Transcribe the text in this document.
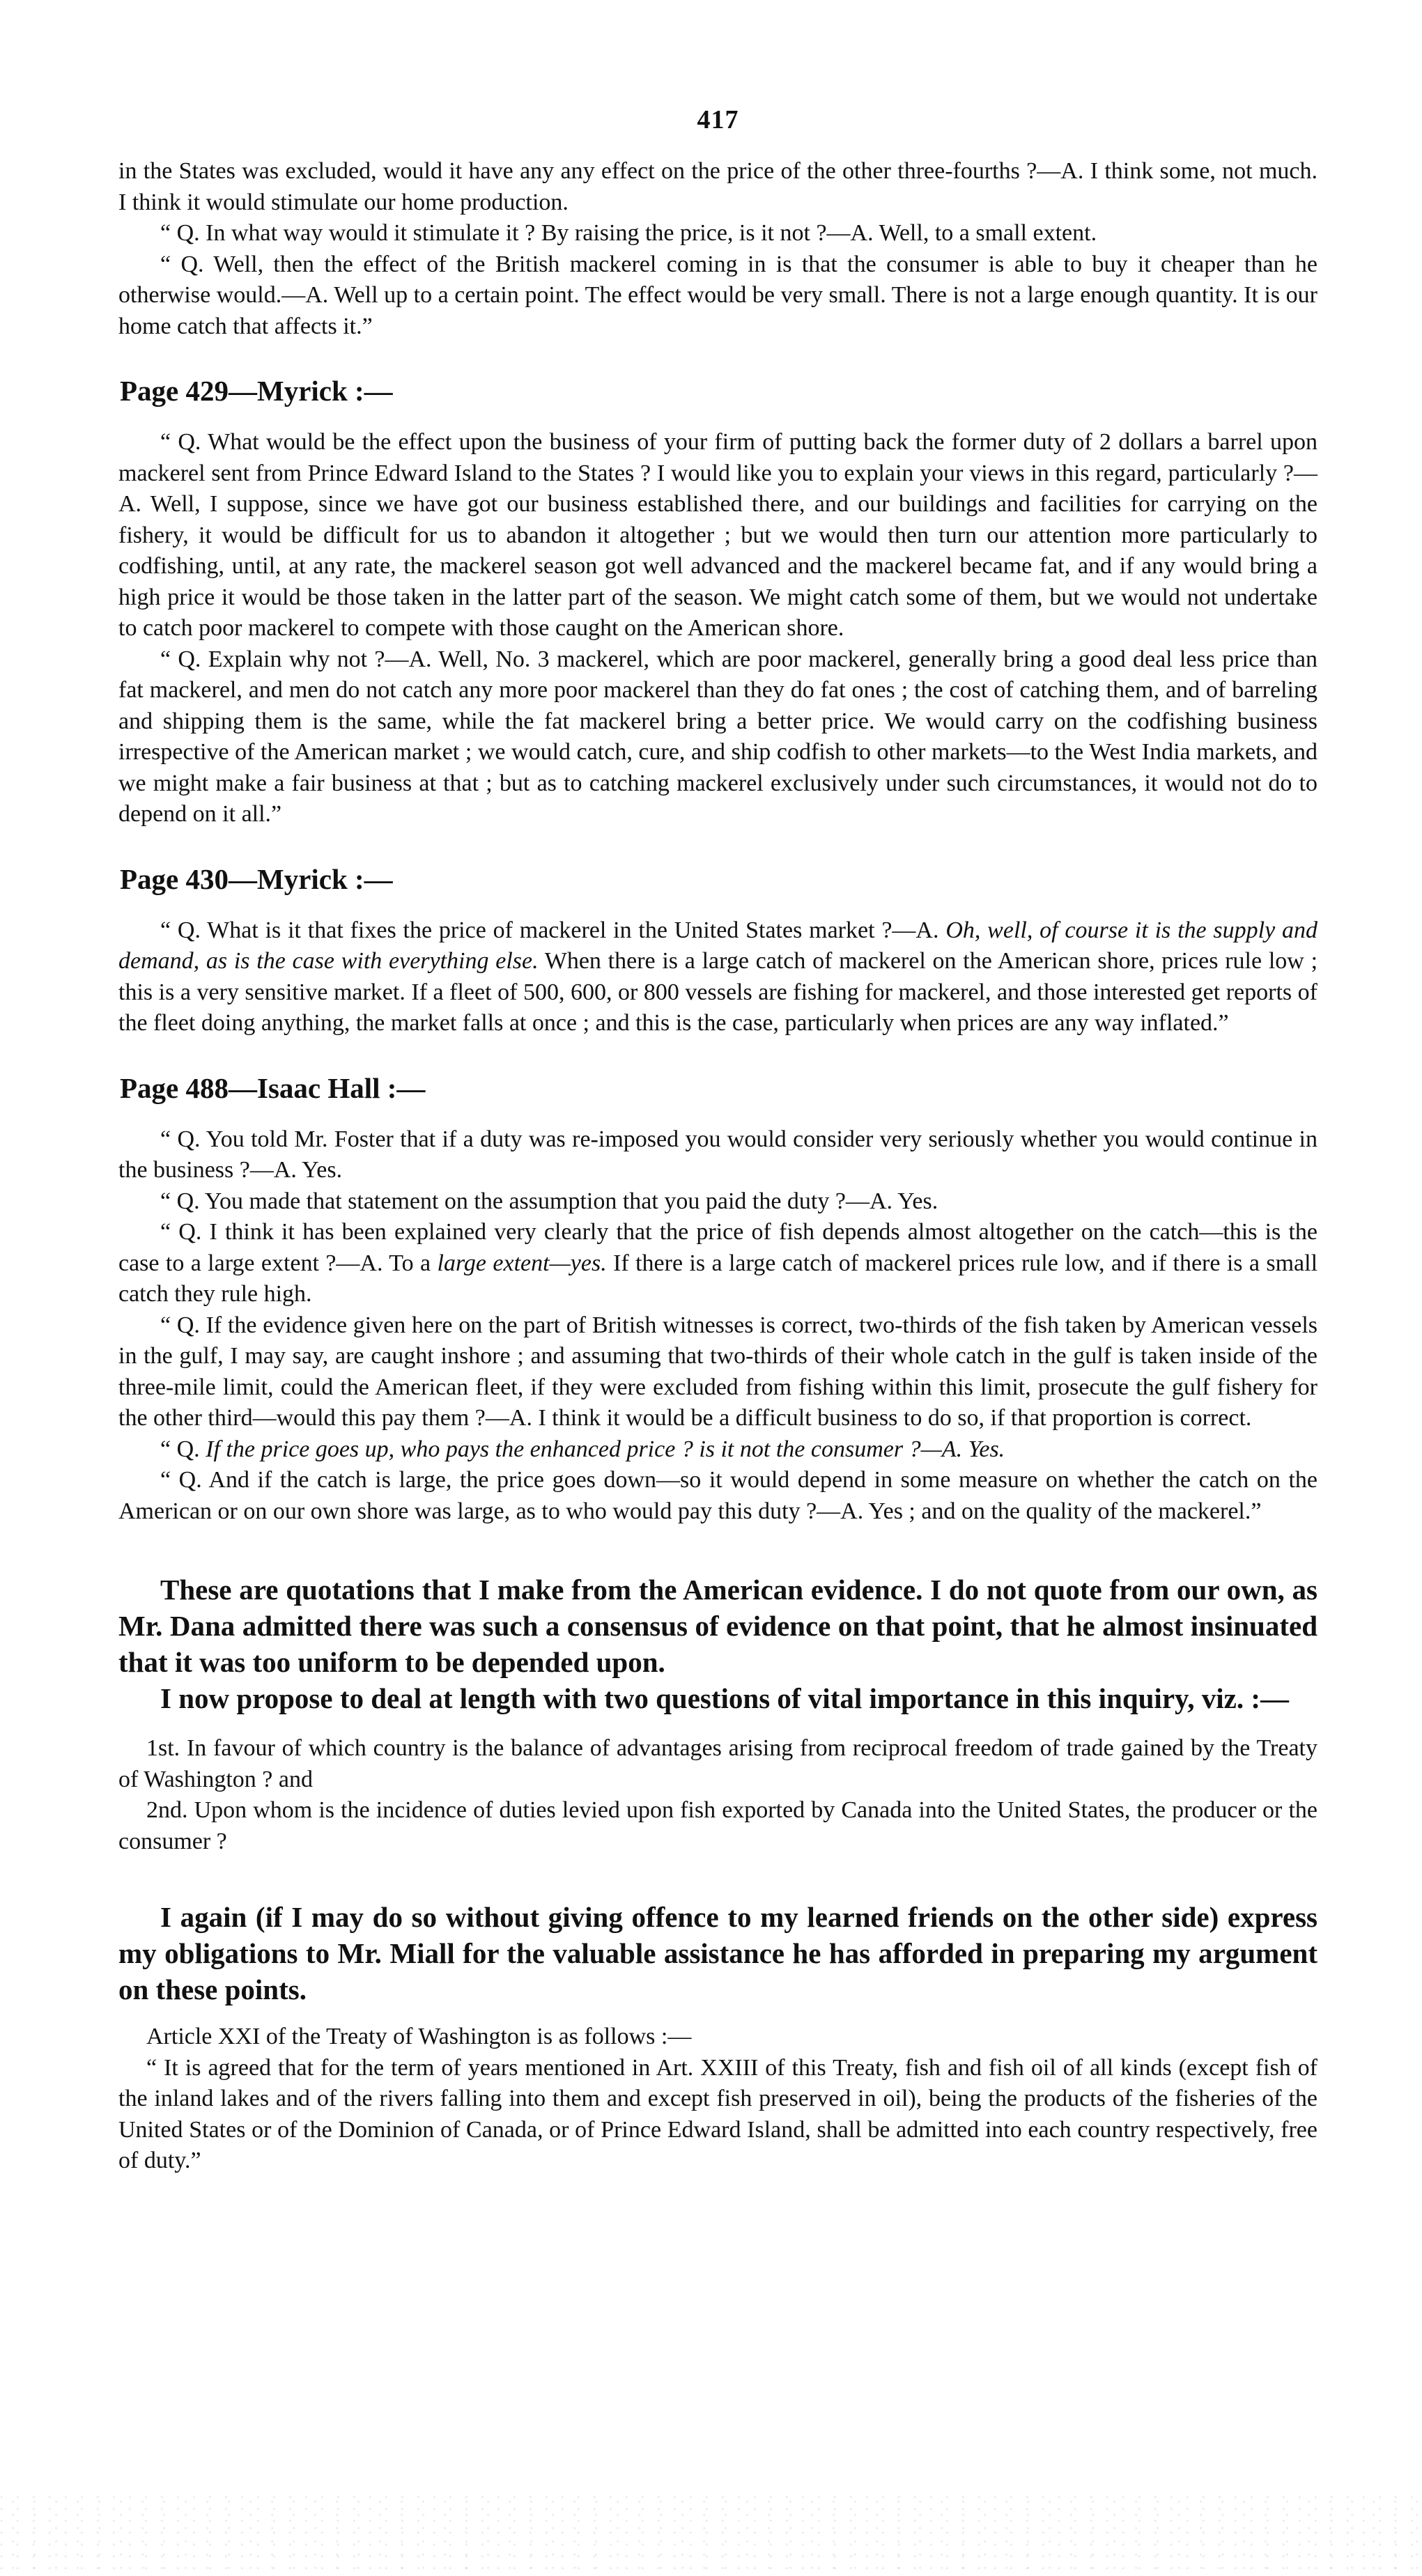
417

in the States was excluded, would it have any any effect on the price of the other three-fourths ?—A. I think some, not much. I think it would stimulate our home production.

“ Q. In what way would it stimulate it ? By raising the price, is it not ?—A. Well, to a small extent.

“ Q. Well, then the effect of the British mackerel coming in is that the consumer is able to buy it cheaper than he otherwise would.—A. Well up to a certain point. The effect would be very small. There is not a large enough quantity. It is our home catch that affects it.”

Page 429—Myrick :—

“ Q. What would be the effect upon the business of your firm of putting back the former duty of 2 dollars a barrel upon mackerel sent from Prince Edward Island to the States ? I would like you to explain your views in this regard, particularly ?—A. Well, I suppose, since we have got our business established there, and our buildings and facilities for carrying on the fishery, it would be difficult for us to abandon it altogether ; but we would then turn our attention more particularly to codfishing, until, at any rate, the mackerel season got well advanced and the mackerel became fat, and if any would bring a high price it would be those taken in the latter part of the season. We might catch some of them, but we would not undertake to catch poor mackerel to compete with those caught on the American shore.

“ Q. Explain why not ?—A. Well, No. 3 mackerel, which are poor mackerel, generally bring a good deal less price than fat mackerel, and men do not catch any more poor mackerel than they do fat ones ; the cost of catching them, and of barreling and shipping them is the same, while the fat mackerel bring a better price. We would carry on the codfishing business irrespective of the American market ; we would catch, cure, and ship codfish to other markets—to the West India markets, and we might make a fair business at that ; but as to catching mackerel exclusively under such circumstances, it would not do to depend on it all.”

Page 430—Myrick :—

“ Q. What is it that fixes the price of mackerel in the United States market ?—A. Oh, well, of course it is the supply and demand, as is the case with everything else. When there is a large catch of mackerel on the American shore, prices rule low ; this is a very sensitive market. If a fleet of 500, 600, or 800 vessels are fishing for mackerel, and those interested get reports of the fleet doing anything, the market falls at once ; and this is the case, particularly when prices are any way inflated.”

Page 488—Isaac Hall :—

“ Q. You told Mr. Foster that if a duty was re-imposed you would consider very seriously whether you would continue in the business ?—A. Yes.

“ Q. You made that statement on the assumption that you paid the duty ?—A. Yes.

“ Q. I think it has been explained very clearly that the price of fish depends almost altogether on the catch—this is the case to a large extent ?—A. To a large extent—yes. If there is a large catch of mackerel prices rule low, and if there is a small catch they rule high.

“ Q. If the evidence given here on the part of British witnesses is correct, two-thirds of the fish taken by American vessels in the gulf, I may say, are caught inshore ; and assuming that two-thirds of their whole catch in the gulf is taken inside of the three-mile limit, could the American fleet, if they were excluded from fishing within this limit, prosecute the gulf fishery for the other third—would this pay them ?—A. I think it would be a difficult business to do so, if that proportion is correct.

“ Q. If the price goes up, who pays the enhanced price ? is it not the consumer ?—A. Yes.

“ Q. And if the catch is large, the price goes down—so it would depend in some measure on whether the catch on the American or on our own shore was large, as to who would pay this duty ?—A. Yes ; and on the quality of the mackerel.”

These are quotations that I make from the American evidence. I do not quote from our own, as Mr. Dana admitted there was such a consensus of evidence on that point, that he almost insinuated that it was too uniform to be depended upon.

I now propose to deal at length with two questions of vital importance in this inquiry, viz. :—

1st. In favour of which country is the balance of advantages arising from reciprocal freedom of trade gained by the Treaty of Washington ? and

2nd. Upon whom is the incidence of duties levied upon fish exported by Canada into the United States, the producer or the consumer ?

I again (if I may do so without giving offence to my learned friends on the other side) express my obligations to Mr. Miall for the valuable assistance he has afforded in preparing my argument on these points.

Article XXI of the Treaty of Washington is as follows :—

“ It is agreed that for the term of years mentioned in Art. XXIII of this Treaty, fish and fish oil of all kinds (except fish of the inland lakes and of the rivers falling into them and except fish preserved in oil), being the products of the fisheries of the United States or of the Dominion of Canada, or of Prince Edward Island, shall be admitted into each country respectively, free of duty.”
